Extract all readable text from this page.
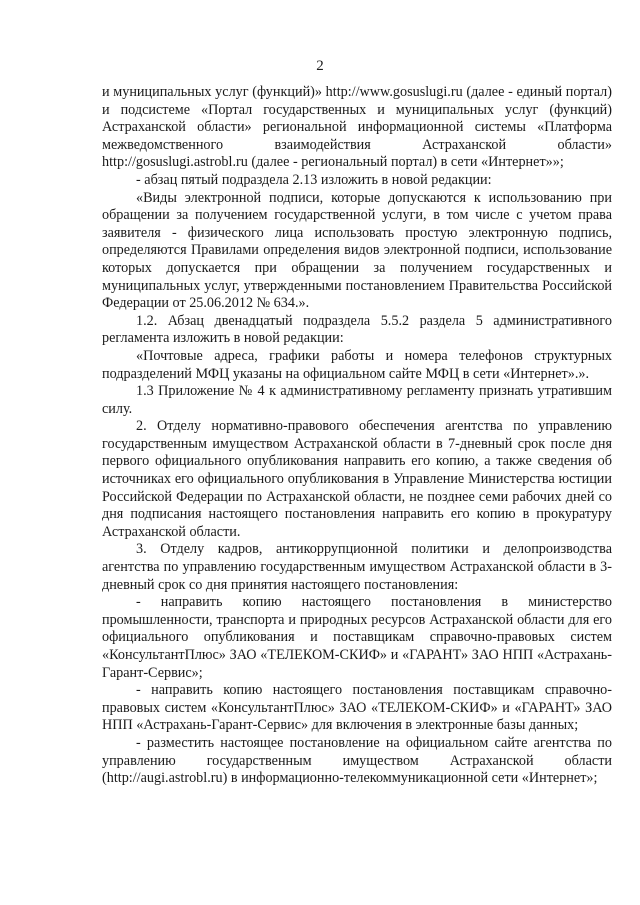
2

и муниципальных услуг (функций)» http://www.gosuslugi.ru (далее - единый портал) и подсистеме «Портал государственных и муниципальных услуг (функций) Астраханской области» региональной информационной системы «Платформа межведомственного взаимодействия Астраханской области» http://gosuslugi.astrobl.ru (далее - региональный портал) в сети «Интернет»»;

- абзац пятый подраздела 2.13 изложить в новой редакции:

«Виды электронной подписи, которые допускаются к использованию при обращении за получением государственной услуги, в том числе с учетом права заявителя - физического лица использовать простую электронную подпись, определяются Правилами определения видов электронной подписи, использование которых допускается при обращении за получением государственных и муниципальных услуг, утвержденными постановлением Правительства Российской Федерации от 25.06.2012 № 634.».

1.2. Абзац двенадцатый подраздела 5.5.2 раздела 5 административного регламента изложить в новой редакции:

«Почтовые адреса, графики работы и номера телефонов структурных подразделений МФЦ указаны на официальном сайте МФЦ в сети «Интернет».».

1.3 Приложение № 4 к административному регламенту признать утратившим силу.

2. Отделу нормативно-правового обеспечения агентства по управлению государственным имуществом Астраханской области в 7-дневный срок после дня первого официального опубликования направить его копию, а также сведения об источниках его официального опубликования в Управление Министерства юстиции Российской Федерации по Астраханской области, не позднее семи рабочих дней со дня подписания настоящего постановления направить его копию в прокуратуру Астраханской области.

3. Отделу кадров, антикоррупционной политики и делопроизводства агентства по управлению государственным имуществом Астраханской области в 3-дневный срок со дня принятия настоящего постановления:

- направить копию настоящего постановления в министерство промышленности, транспорта и природных ресурсов Астраханской области для его официального опубликования и поставщикам справочно-правовых систем «КонсультантПлюс» ЗАО «ТЕЛЕКОМ-СКИФ» и «ГАРАНТ» ЗАО НПП «Астрахань-Гарант-Сервис»;

- направить копию настоящего постановления поставщикам справочно-правовых систем «КонсультантПлюс» ЗАО «ТЕЛЕКОМ-СКИФ» и «ГАРАНТ» ЗАО НПП «Астрахань-Гарант-Сервис» для включения в электронные базы данных;

- разместить настоящее постановление на официальном сайте агентства по управлению государственным имуществом Астраханской области (http://augi.astrobl.ru) в информационно-телекоммуникационной сети «Интернет»;
